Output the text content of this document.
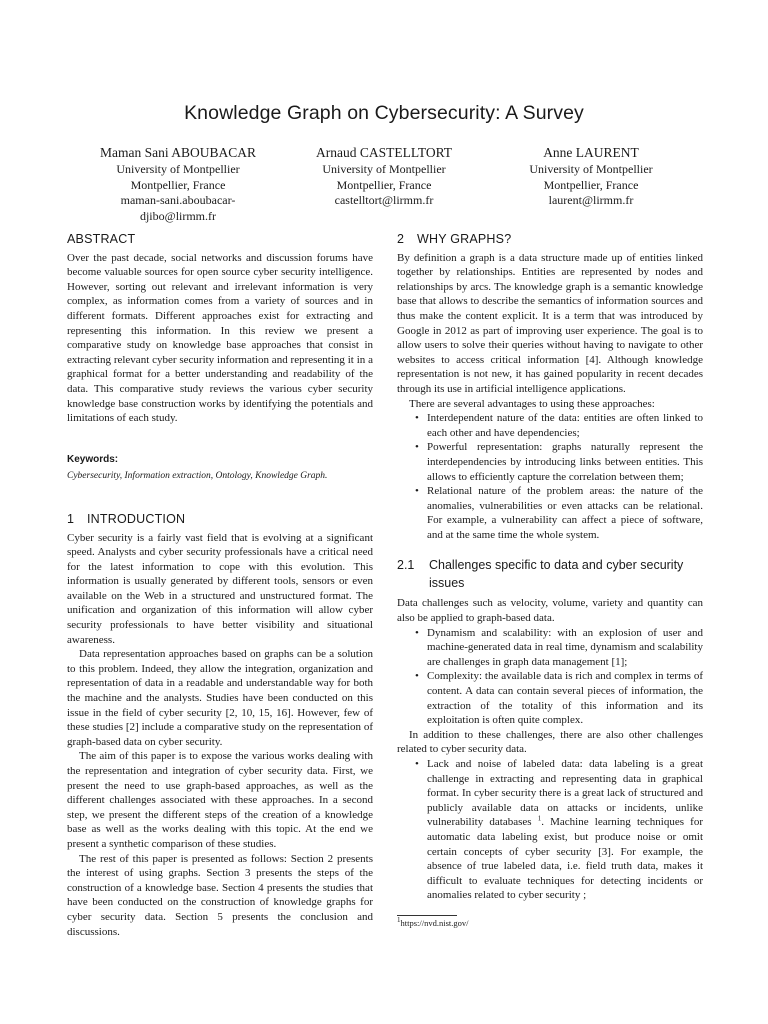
Knowledge Graph on Cybersecurity: A Survey
Maman Sani ABOUBACAR
University of Montpellier
Montpellier, France
maman-sani.aboubacar-
djibo@lirmm.fr
Arnaud CASTELLTORT
University of Montpellier
Montpellier, France
castelltort@lirmm.fr
Anne LAURENT
University of Montpellier
Montpellier, France
laurent@lirmm.fr
ABSTRACT

Over the past decade, social networks and discussion forums have become valuable sources for open source cyber security intelligence. However, sorting out relevant and irrelevant information is very complex, as information comes from a variety of sources and in different formats. Different approaches exist for extracting and representing this information. In this review we present a comparative study on knowledge base approaches that consist in extracting relevant cyber security information and representing it in a graphical format for a better understanding and readability of the data. This comparative study reviews the various cyber security knowledge base construction works by identifying the potentials and limitations of each study.

Keywords:
Cybersecurity, Information extraction, Ontology, Knowledge Graph.
1 INTRODUCTION

Cyber security is a fairly vast field that is evolving at a significant speed. Analysts and cyber security professionals have a critical need for the latest information to cope with this evolution. This information is usually generated by different tools, sensors or even available on the Web in a structured and unstructured format. The unification and organization of this information will allow cyber security professionals to have better visibility and situational awareness.

Data representation approaches based on graphs can be a solution to this problem. Indeed, they allow the integration, organization and representation of data in a readable and understandable way for both the machine and the analysts. Studies have been conducted on this issue in the field of cyber security [2, 10, 15, 16]. However, few of these studies [2] include a comparative study on the representation of graph-based data on cyber security.

The aim of this paper is to expose the various works dealing with the representation and integration of cyber security data. First, we present the need to use graph-based approaches, as well as the different challenges associated with these approaches. In a second step, we present the different steps of the creation of a knowledge base as well as the works dealing with this topic. At the end we present a synthetic comparison of these studies.

The rest of this paper is presented as follows: Section 2 presents the interest of using graphs. Section 3 presents the steps of the construction of a knowledge base. Section 4 presents the studies that have been conducted on the construction of knowledge graphs for cyber security data. Section 5 presents the conclusion and discussions.

2 WHY GRAPHS?

By definition a graph is a data structure made up of entities linked together by relationships. Entities are represented by nodes and relationships by arcs. The knowledge graph is a semantic knowledge base that allows to describe the semantics of information sources and thus make the content explicit. It is a term that was introduced by Google in 2012 as part of improving user experience. The goal is to allow users to solve their queries without having to navigate to other websites to access critical information [4]. Although knowledge representation is not new, it has gained popularity in recent decades through its use in artificial intelligence applications.

There are several advantages to using these approaches:

• Interdependent nature of the data: entities are often linked to each other and have dependencies;
• Powerful representation: graphs naturally represent the interdependencies by introducing links between entities. This allows to efficiently capture the correlation between them;
• Relational nature of the problem areas: the nature of the anomalies, vulnerabilities or even attacks can be relational. For example, a vulnerability can affect a piece of software, and at the same time the whole system.
2.1 Challenges specific to data and cyber security issues

Data challenges such as velocity, volume, variety and quantity can also be applied to graph-based data.

• Dynamism and scalability: with an explosion of user and machine-generated data in real time, dynamism and scalability are challenges in graph data management [1];
• Complexity: the available data is rich and complex in terms of content. A data can contain several pieces of information, the extraction of the totality of this information and its exploitation is often quite complex.

In addition to these challenges, there are also other challenges related to cyber security data.

• Lack and noise of labeled data: data labeling is a great challenge in extracting and representing data in graphical format. In cyber security there is a great lack of structured and publicly available data on attacks or incidents, unlike vulnerability databases $^1$. Machine learning techniques for automatic data labeling exist, but produce noise or omit certain concepts of cyber security [3]. For example, the absence of true labeled data, i.e. field truth data, makes it difficult to evaluate techniques for detecting incidents or anomalies related to cyber security ;
$^1$https://nvd.nist.gov/
